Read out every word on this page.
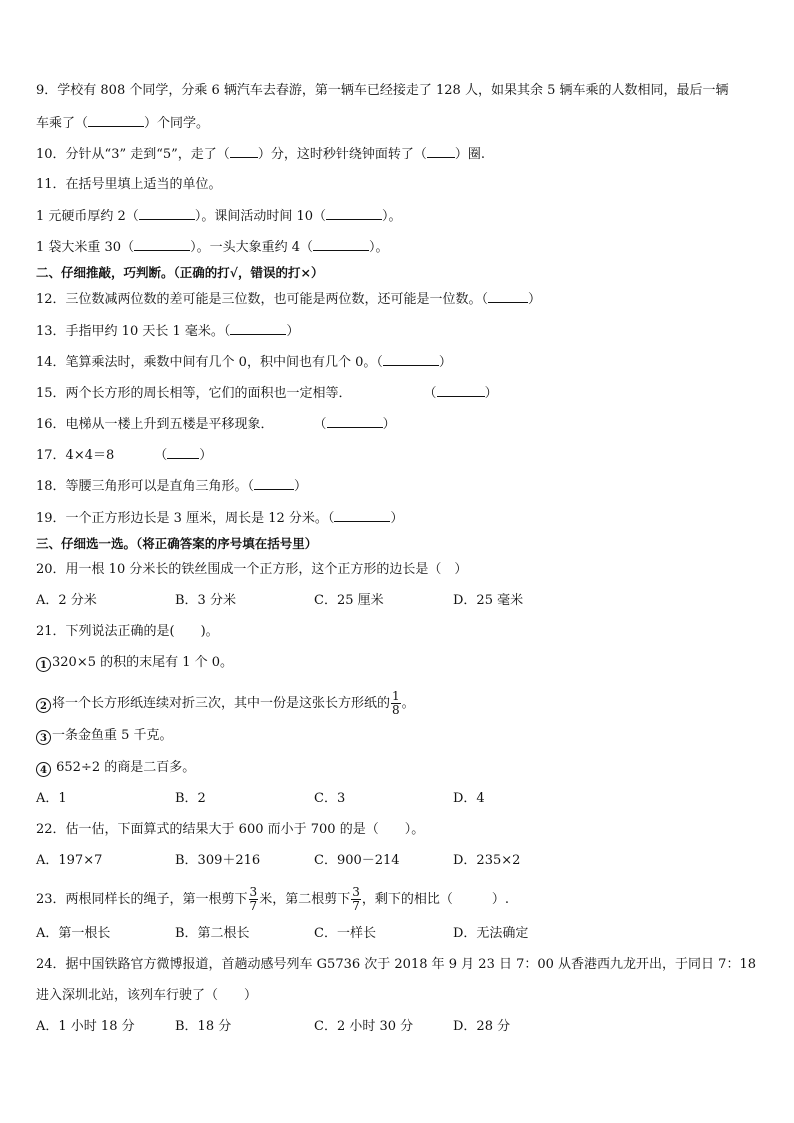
9．学校有 808 个同学，分乘 6 辆汽车去春游，第一辆车已经接走了 128 人，如果其余 5 辆车乘的人数相同，最后一辆
车乘了（	）个同学。
10．分针从“3” 走到“5”，走了（ ）分，这时秒针绕钟面转了（ ）圈.
11．在括号里填上适当的单位。
1 元硬币厚约 2（	）。课间活动时间 10（	）。
1 袋大米重 30（	）。一头大象重约 4（	）。
二、仔细推敲，巧判断。（正确的打√，错误的打×）
12．三位数减两位数的差可能是三位数，也可能是两位数，还可能是一位数。（	）
13．手指甲约 10 天长 1 毫米。（	）
14．笔算乘法时，乘数中间有几个 0，积中间也有几个 0。（	）
15．两个长方形的周长相等，它们的面积也一定相等．	（	）
16．电梯从一楼上升到五楼是平移现象．	（	）
17．4×4＝8	（ ）
18．等腰三角形可以是直角三角形。（	）
19．一个正方形边长是 3 厘米，周长是 12 分米。（	）
三、仔细选一选。（将正确答案的序号填在括号里）
20．用一根 10 分米长的铁丝围成一个正方形，这个正方形的边长是（　）
A．2 分米	B．3 分米	C．25 厘米	D．25 毫米
21．下列说法正确的是(　　)。
1 320×5 的积的末尾有 1 个 0。
2 将一个长方形纸连续对折三次，其中一份是这张长方形纸的 $\frac{1}{8}$ 。
3 一条金鱼重 5 千克。
4 652÷2 的商是二百多。
A．1	B．2	C．3	D．4
22．估一估，下面算式的结果大于 600 而小于 700 的是（　　）。
A．197×7	B．309＋216	C．900－214	D．235×2
23．两根同样长的绳子，第一根剪下 $\frac{3}{7}$ 米，第二根剪下 $\frac{3}{7}$ ，剩下的相比（　　　）.
A．第一根长	B．第二根长	C．一样长	D．无法确定
24．据中国铁路官方微博报道，首趟动感号列车 G5736 次于 2018 年 9 月 23 日 7：00 从香港西九龙开出，于同日 7：18
进入深圳北站，该列车行驶了（　　）
A．1 小时 18 分	B．18 分	C．2 小时 30 分	D．28 分
